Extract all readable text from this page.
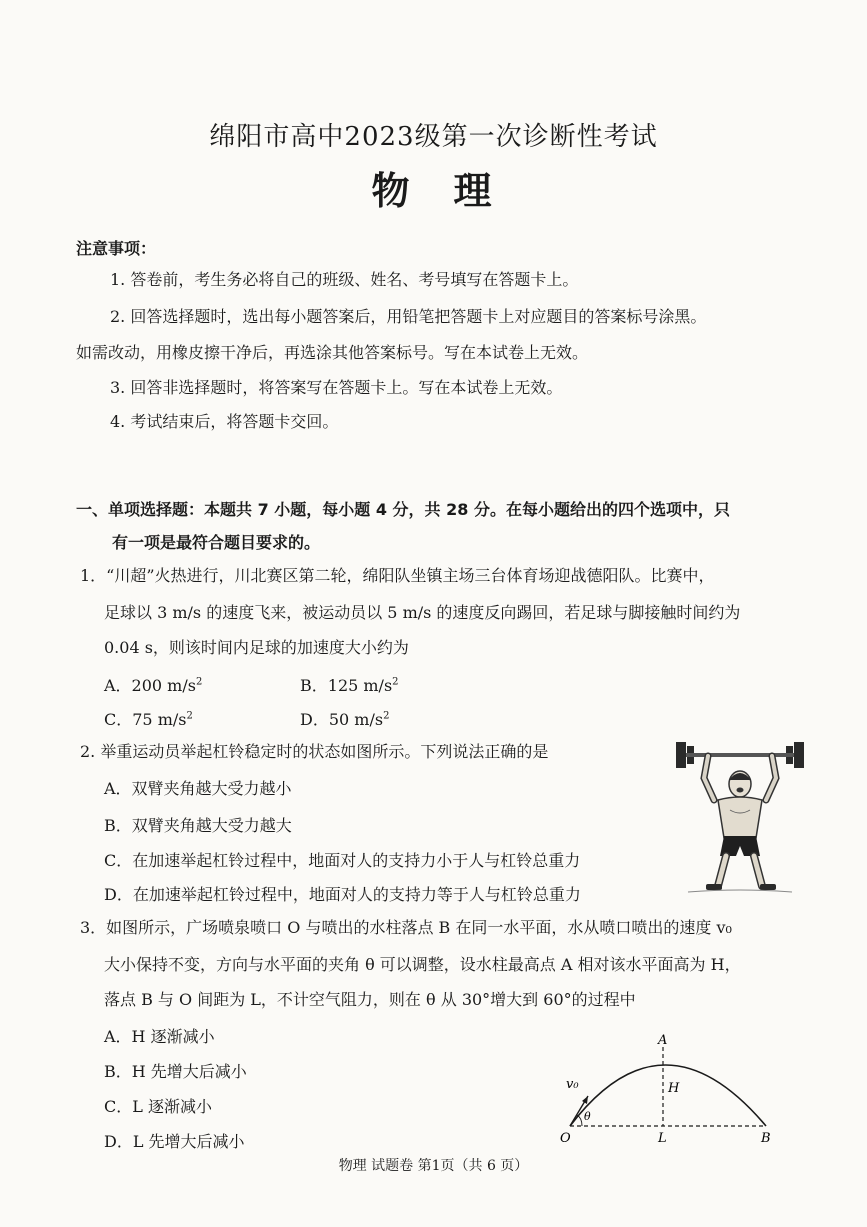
绵阳市高中2023级第一次诊断性考试
物 理
注意事项：
1. 答卷前，考生务必将自己的班级、姓名、考号填写在答题卡上。
2. 回答选择题时，选出每小题答案后，用铅笔把答题卡上对应题目的答案标号涂黑。
如需改动，用橡皮擦干净后，再选涂其他答案标号。写在本试卷上无效。
3. 回答非选择题时，将答案写在答题卡上。写在本试卷上无效。
4. 考试结束后，将答题卡交回。
一、单项选择题：本题共 7 小题，每小题 4 分，共 28 分。在每小题给出的四个选项中，只
有一项是最符合题目要求的。
1．“川超”火热进行，川北赛区第二轮，绵阳队坐镇主场三台体育场迎战德阳队。比赛中，
足球以 3 m/s 的速度飞来，被运动员以 5 m/s 的速度反向踢回，若足球与脚接触时间约为
0.04 s，则该时间内足球的加速度大小约为
A．200 $m/s^2$	B．125 $m/s^2$
C．75 $m/s^2$	D．50 $m/s^2$
2. 举重运动员举起杠铃稳定时的状态如图所示。下列说法正确的是
A．双臂夹角越大受力越小
B．双臂夹角越大受力越大
C．在加速举起杠铃过程中，地面对人的支持力小于人与杠铃总重力
D．在加速举起杠铃过程中，地面对人的支持力等于人与杠铃总重力
3．如图所示，广场喷泉喷口 O 与喷出的水柱落点 B 在同一水平面，水从喷口喷出的速度 v₀
大小保持不变，方向与水平面的夹角 θ 可以调整，设水柱最高点 A 相对该水平面高为 H，
落点 B 与 O 间距为 L，不计空气阻力，则在 θ 从 30°增大到 60°的过程中
A．H 逐渐减小
B．H 先增大后减小
C．L 逐渐减小
D．L 先增大后减小
A
H
v₀
θ
O	L	B
物理 试题卷 第1页（共 6 页）
